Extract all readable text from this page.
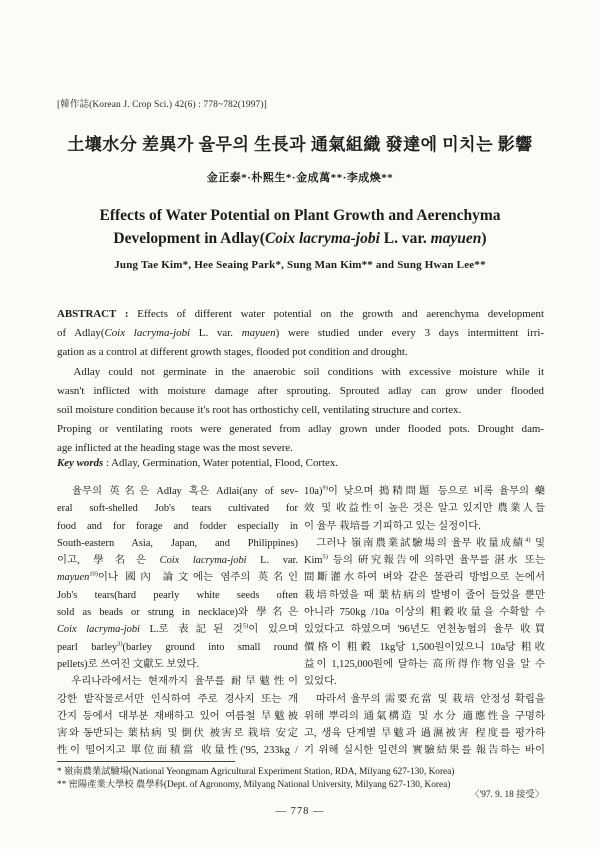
[韓作誌(Korean J. Crop Sci.) 42(6) : 778~782(1997)]
土壤水分 差異가 율무의 生長과 通氣組織 發達에 미치는 影響
金正泰*·朴熙生*·金成萬**·李成煥**
Effects of Water Potential on Plant Growth and Aerenchyma
Development in Adlay(Coix lacryma-jobi L. var. mayuen)
Jung Tae Kim*, Hee Seaing Park*, Sung Man Kim** and Sung Hwan Lee**
ABSTRACT : Effects of different water potential on the growth and aerenchyma development
of Adlay(Coix lacryma-jobi L. var. mayuen) were studied under every 3 days intermittent irri-
gation as a control at different growth stages, flooded pot condition and drought.
Adlay could not germinate in the anaerobic soil conditions with excessive moisture while it
wasn't inflicted with moisture damage after sprouting. Sprouted adlay can grow under flooded
soil moisture condition because it's root has orthostichy cell, ventilating structure and cortex.
Proping or ventilating roots were generated from adlay grown under flooded pots. Drought dam-
age inflicted at the heading stage was the most severe.
Key words : Adlay, Germination, Water potential, Flood, Cortex.
　율무의 英名은 Adlay 혹은 Adlai(any of sev-
eral soft-shelled Job's tears cultivated for
food and for forage and fodder especially in
South-eastern Asia, Japan, and Philippines)
이고, 學名은 Coix lacryma-jobi L. var.
mayuen$^{10)}$이나 國內 論文에는 염주의 英名인
Job's tears(hard pearly white seeds often
sold as beads or strung in necklace)와 學名은
Coix lacryma-jobi L.로 表記된 것$^{5)}$이 있으며
pearl barley$^{3)}$(barley ground into small round
pellets)로 쓰여진 文獻도 보였다.
　우리나라에서는 현재까지 율무를 耐旱魃性이
강한 밭작물로서만 인식하여 주로 경사지 또는 개
간지 등에서 대부분 재배하고 있어 여름철 旱魃被
害와 동반되는 葉枯病 및 倒伏 被害로 栽培 安定
性이 떨어지고 單位面積當 收量性('95, 233kg /
10a)$^{9)}$이 낮으며 搗精問題 등으로 비록 율무의 藥
效 및 收益性이 높은 것은 알고 있지만 農業人들
이 율무 栽培를 기피하고 있는 실정이다.
　그러나 嶺南農業試驗場의 율무 收量成績$^{4)}$ 및
Kim$^{5)}$ 등의 硏究報告에 의하면 율무를 湛水 또는
間斷灌水하여 벼와 같은 물관리 방법으로 논에서
栽培하였을 때 葉枯病의 발병이 줄어 들었을 뿐만
아니라 750kg /10a 이상의 粗穀收量을 수확할 수
있었다고 하였으며 '96년도 연천농협의 율무 收買
價格이 粗穀 1kg당 1,500원이었으니 10a당 粗收
益이 1,125,000원에 달하는 高所得作物임을 알 수
있었다.
　따라서 율무의 需要充當 및 栽培 안정성 확립을
위해 뿌리의 通氣構造 및 水分 適應性을 구명하
고, 생육 단계별 旱魃과 過濕被害 程度를 평가하
기 위해 실시한 일련의 實驗結果를 報告하는 바이
* 嶺南農業試驗場(National Yeongmam Agricultural Experiment Station, RDA, Milyang 627-130, Korea)
** 密陽產業大學校 農學科(Dept. of Agronomy, Milyang National University, Milyang 627-130, Korea)
〈'97. 9. 18 接受〉
— 778 —
